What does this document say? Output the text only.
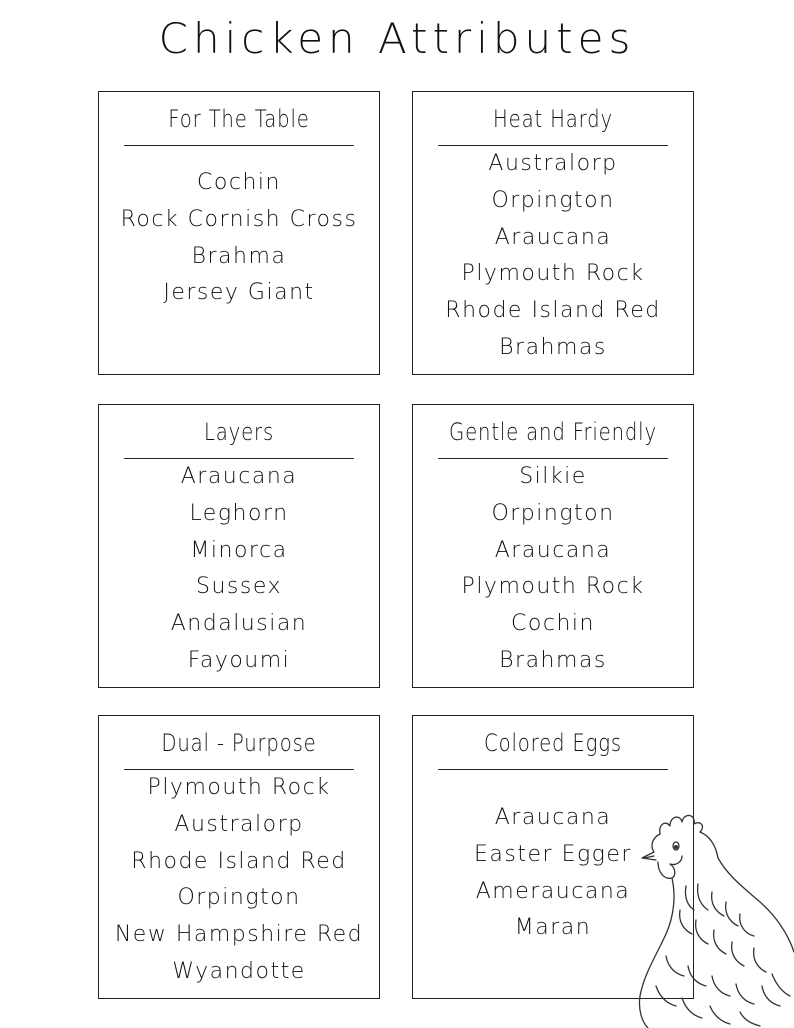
Chicken Attributes
For The Table
Cochin
Rock Cornish Cross
Brahma
Jersey Giant
Heat Hardy
Australorp
Orpington
Araucana
Plymouth Rock
Rhode Island Red
Brahmas
Layers
Araucana
Leghorn
Minorca
Sussex
Andalusian
Fayoumi
Gentle and Friendly
Silkie
Orpington
Araucana
Plymouth Rock
Cochin
Brahmas
Dual - Purpose
Plymouth Rock
Australorp
Rhode Island Red
Orpington
New Hampshire Red
Wyandotte
Colored Eggs
Araucana
Easter Egger
Ameraucana
Maran
